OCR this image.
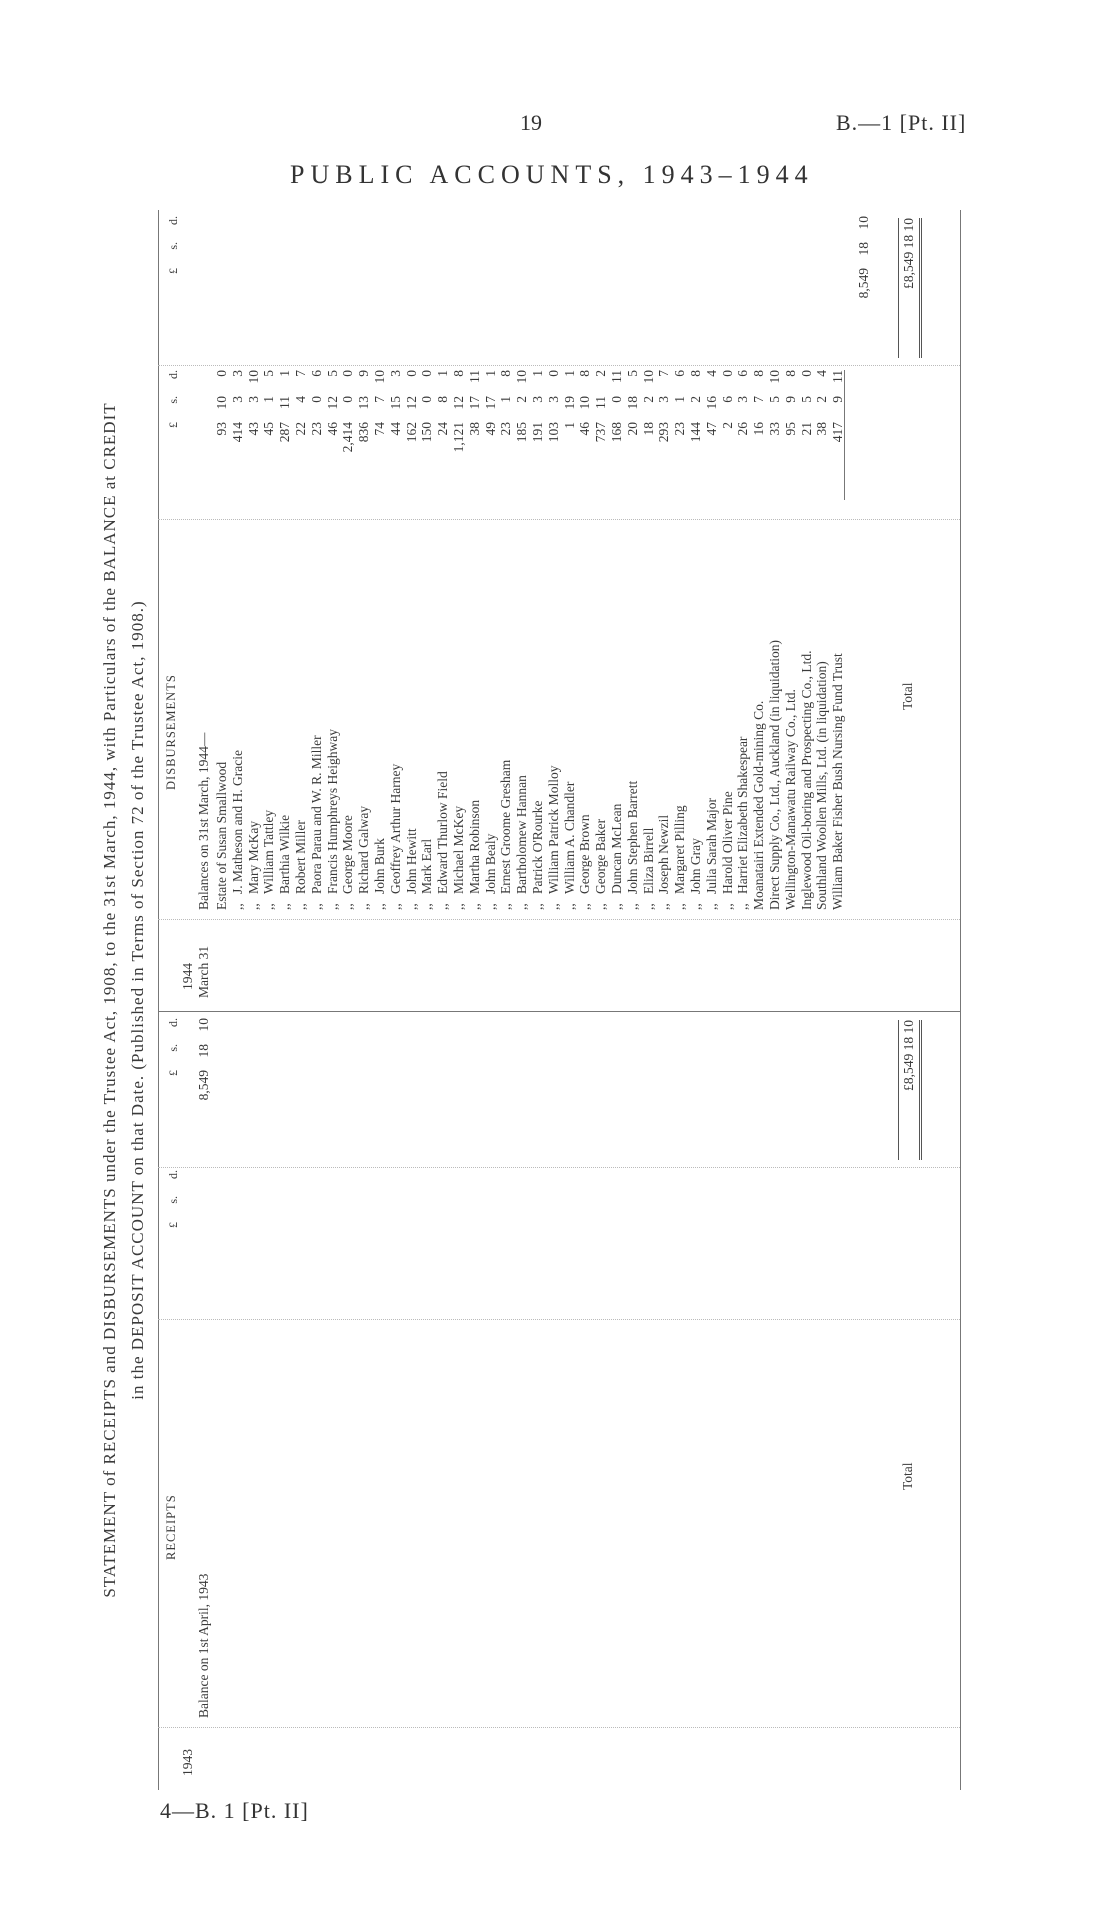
19	B.—1 [Pt. II]
PUBLIC ACCOUNTS, 1943–1944
4—B. 1 [Pt. II]
STATEMENT of RECEIPTS and DISBURSEMENTS under the Trustee Act, 1908, to the 31st March, 1944, with Particulars of the BALANCE at CREDIT in the DEPOSIT ACCOUNT on that Date. (Published in Terms of Section 72 of the Trustee Act, 1908.)
RECEIPTS
1943
£
s.
d.
£
s.
d.
Balance on 1st April, 1943
8,549
18
10
Total
£8,549 18 10
DISBURSEMENTS
1944 March 31
£
s.
d.
£
s.
d.
Balances on 31st March, 1944— Estate of Susan Smallwood
93
10
0
,,
J. Matheson and H. Gracie
414
3
3
,,
Mary McKay
43
3
10
,,
William Tattley
45
1
5
,,
Barthia Wilkie
287
11
1
,,
Robert Miller
22
4
7
,,
Paora Parau and W. R. Miller
23
0
6
,,
Francis Humphreys Heighway
46
12
5
,,
George Moore
2,414
0
0
,,
Richard Galway
836
13
9
,,
John Burk
74
7
10
,,
Geoffrey Arthur Harney
44
15
3
,,
John Hewitt
162
12
0
,,
Mark Earl
150
0
0
,,
Edward Thurlow Field
24
8
1
,,
Michael McKey
1,121
12
8
,,
Martha Robinson
38
17
11
,,
John Bealy
49
17
1
,,
Ernest Groome Gresham
23
1
8
,,
Bartholomew Hannan
185
2
10
,,
Patrick O'Rourke
191
3
1
,,
William Patrick Molloy
103
3
0
,,
William A. Chandler
1
19
1
,,
George Brown
46
10
8
,,
George Baker
737
11
2
,,
Duncan McLean
168
0
11
,,
John Stephen Barrett
20
18
5
,,
Eliza Birrell
18
2
10
,,
Joseph Newzil
293
3
7
,,
Margaret Pilling
23
1
6
,,
John Gray
144
2
8
,,
Julia Sarah Major
47
16
4
,,
Harold Oliver Pine
2
6
0
,,
Harriet Elizabeth Shakespear
26
3
6
Moanatairi Extended Gold-mining Co.
16
7
8
Direct Supply Co., Ltd., Auckland (in liquidation)
33
5
10
Wellington-Manawatu Railway Co., Ltd.
95
9
8
Inglewood Oil-boring and Prospecting Co., Ltd.
21
5
0
Southland Woollen Mills, Ltd. (in liquidation)
38
2
4
William Baker Fisher Bush Nursing Fund Trust
417
9
11
8,549
18
10
Total
£8,549 18 10
